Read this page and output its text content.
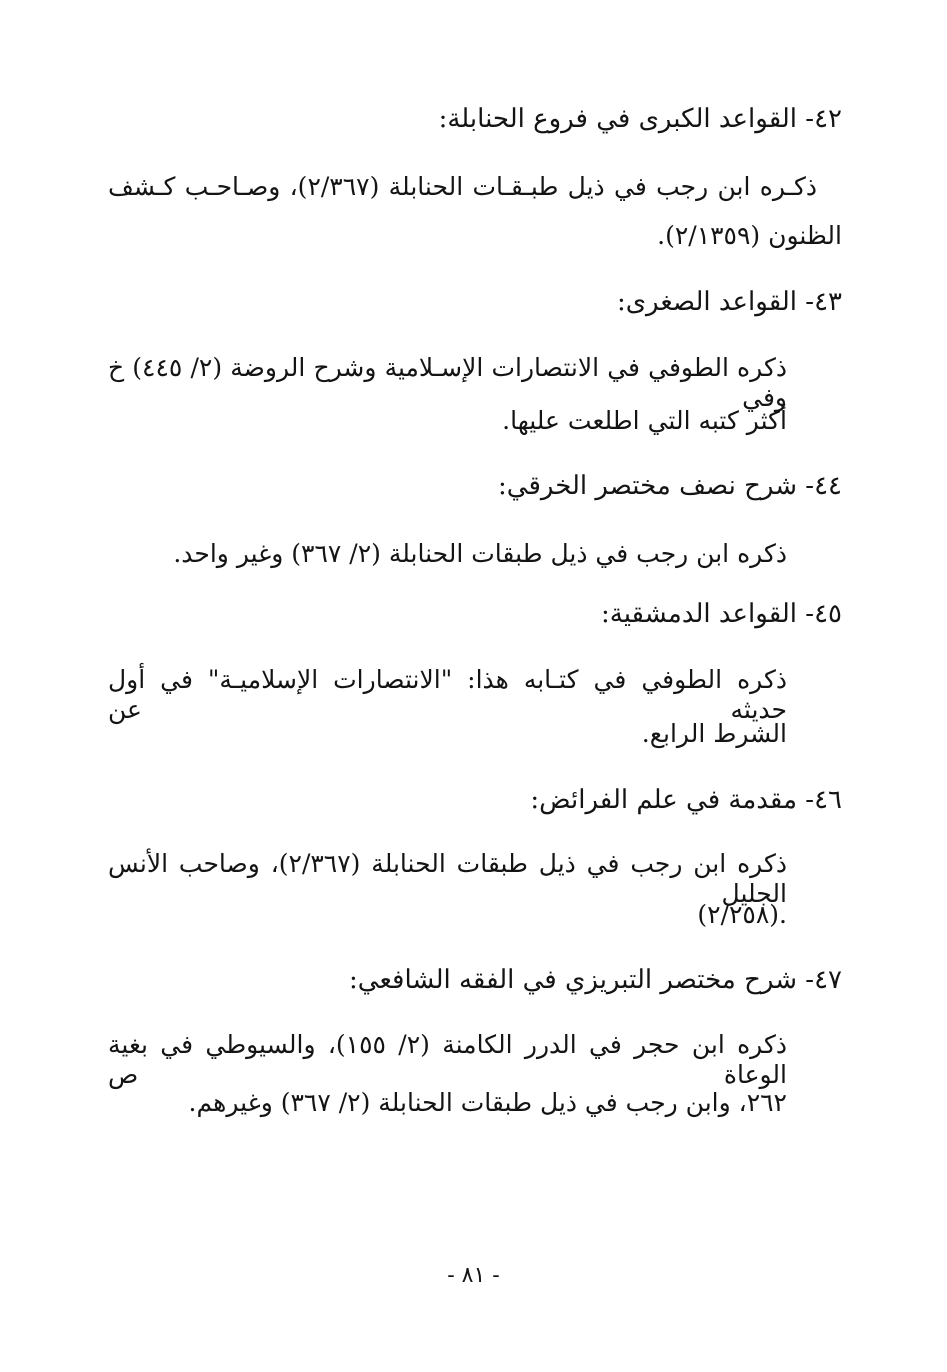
٤٢- القواعد الكبرى في فروع الحنابلة:
ذكـره ابن رجب في ذيل طبـقـات الحنابلة (٢/٣٦٧)، وصـاحـب كـشف
الظنون (٢/١٣٥٩).
٤٣- القواعد الصغرى:
ذكره الطوفي في الانتصارات الإسـلامية وشرح الروضة (٢/ ٤٤٥) خ وفي
أكثر كتبه التي اطلعت عليها.
٤٤- شرح نصف مختصر الخرقي:
ذكره ابن رجب في ذيل طبقات الحنابلة (٢/ ٣٦٧) وغير واحد.
٤٥- القواعد الدمشقية:
ذكره الطوفي في كتـابه هذا: "الانتصارات الإسلاميـة" في أول حديثه عن
الشرط الرابع.
٤٦- مقدمة في علم الفرائض:
ذكره ابن رجب في ذيل طبقات الحنابلة (٢/٣٦٧)، وصاحب الأنس الجليل
.(٢/٢٥٨)
٤٧- شرح مختصر التبريزي في الفقه الشافعي:
ذكره ابن حجر في الدرر الكامنة (٢/ ١٥٥)، والسيوطي في بغية الوعاة ص
٢٦٢، وابن رجب في ذيل طبقات الحنابلة (٢/ ٣٦٧) وغيرهم.
- ٨١ -
